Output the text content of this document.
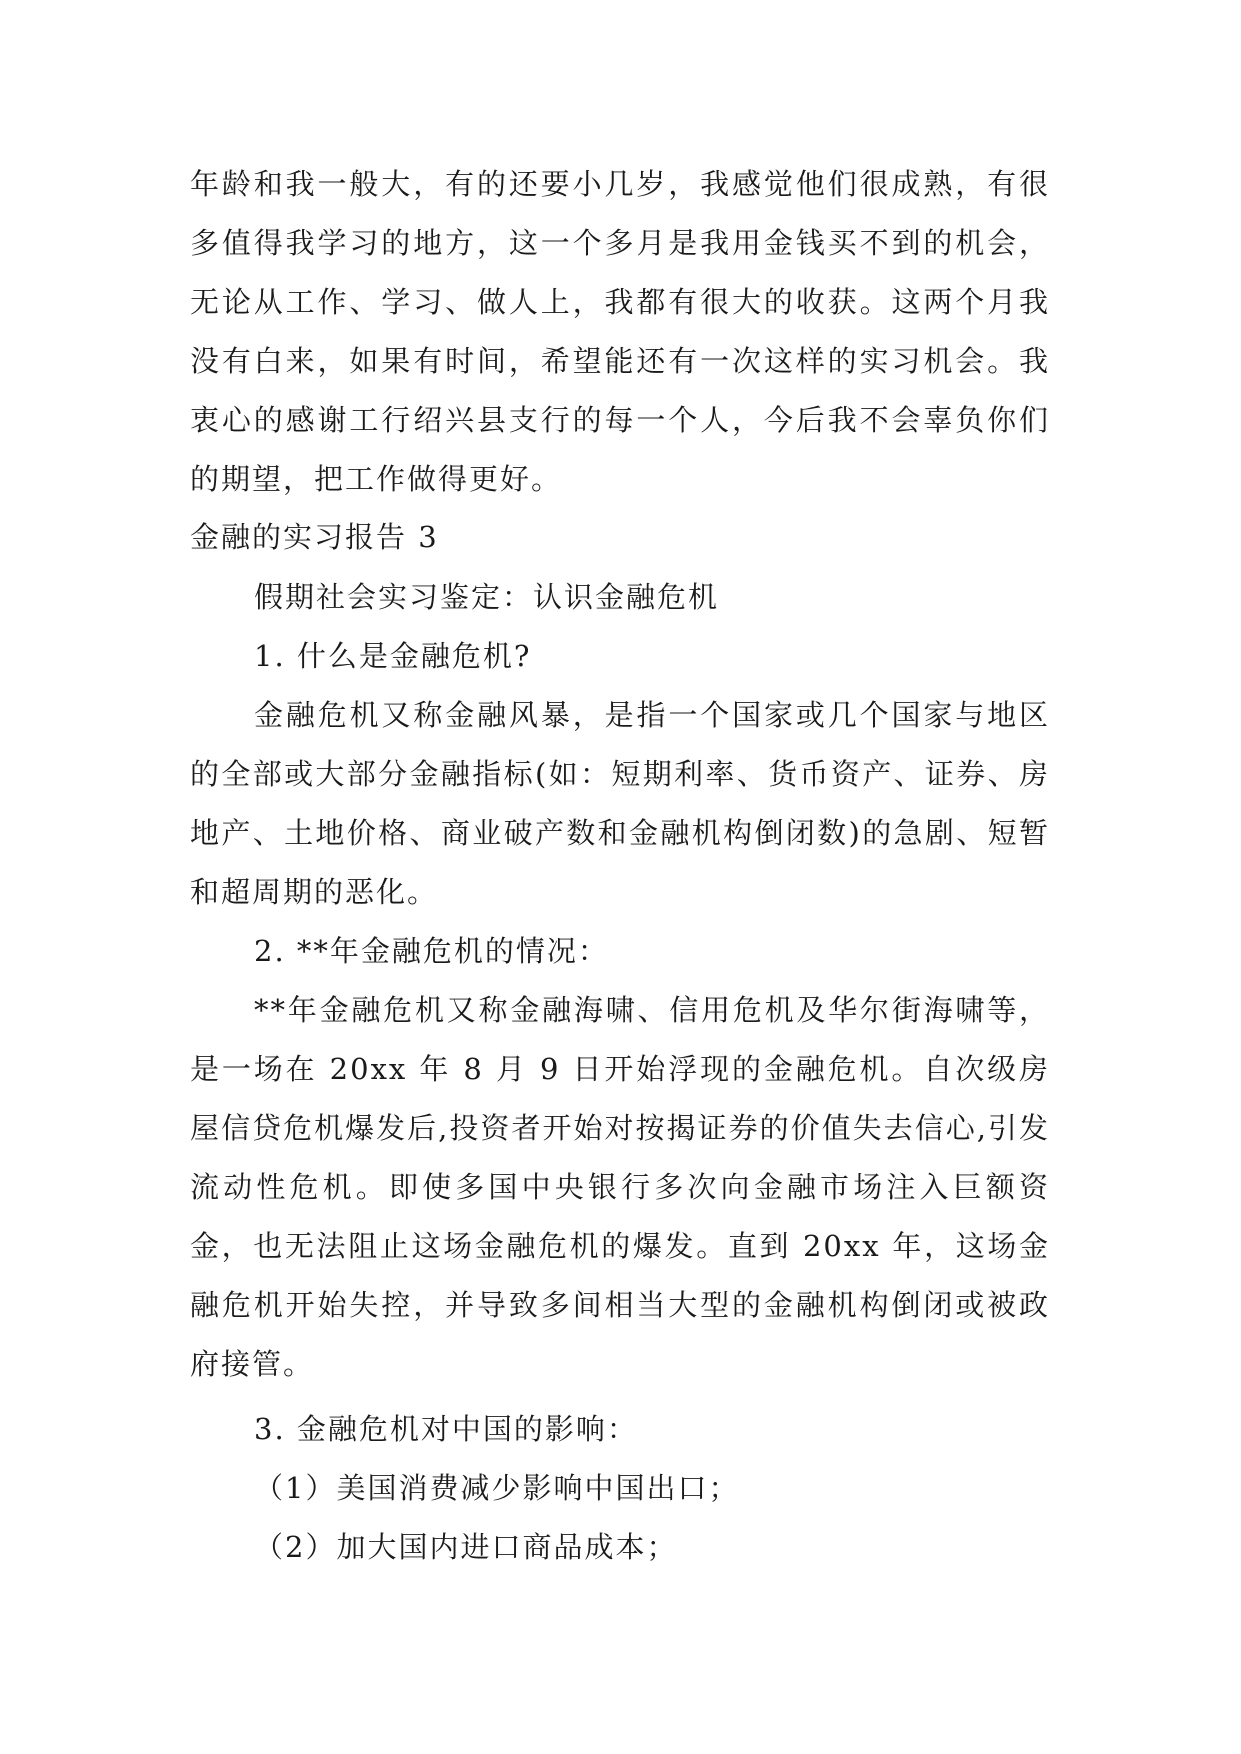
年龄和我一般大，有的还要小几岁，我感觉他们很成熟，有很多值得我学习的地方，这一个多月是我用金钱买不到的机会，无论从工作、学习、做人上，我都有很大的收获。这两个月我没有白来，如果有时间，希望能还有一次这样的实习机会。我衷心的感谢工行绍兴县支行的每一个人，今后我不会辜负你们的期望，把工作做得更好。

金融的实习报告 3

假期社会实习鉴定：认识金融危机

1. 什么是金融危机?

金融危机又称金融风暴，是指一个国家或几个国家与地区的全部或大部分金融指标(如：短期利率、货币资产、证券、房地产、土地价格、商业破产数和金融机构倒闭数)的急剧、短暂和超周期的恶化。

2. **年金融危机的情况：

**年金融危机又称金融海啸、信用危机及华尔街海啸等，是一场在 20xx 年 8 月 9 日开始浮现的金融危机。自次级房屋信贷危机爆发后,投资者开始对按揭证券的价值失去信心,引发流动性危机。即使多国中央银行多次向金融市场注入巨额资金，也无法阻止这场金融危机的爆发。直到 20xx 年，这场金融危机开始失控，并导致多间相当大型的金融机构倒闭或被政府接管。

3. 金融危机对中国的影响：

（1）美国消费减少影响中国出口；

（2）加大国内进口商品成本；
